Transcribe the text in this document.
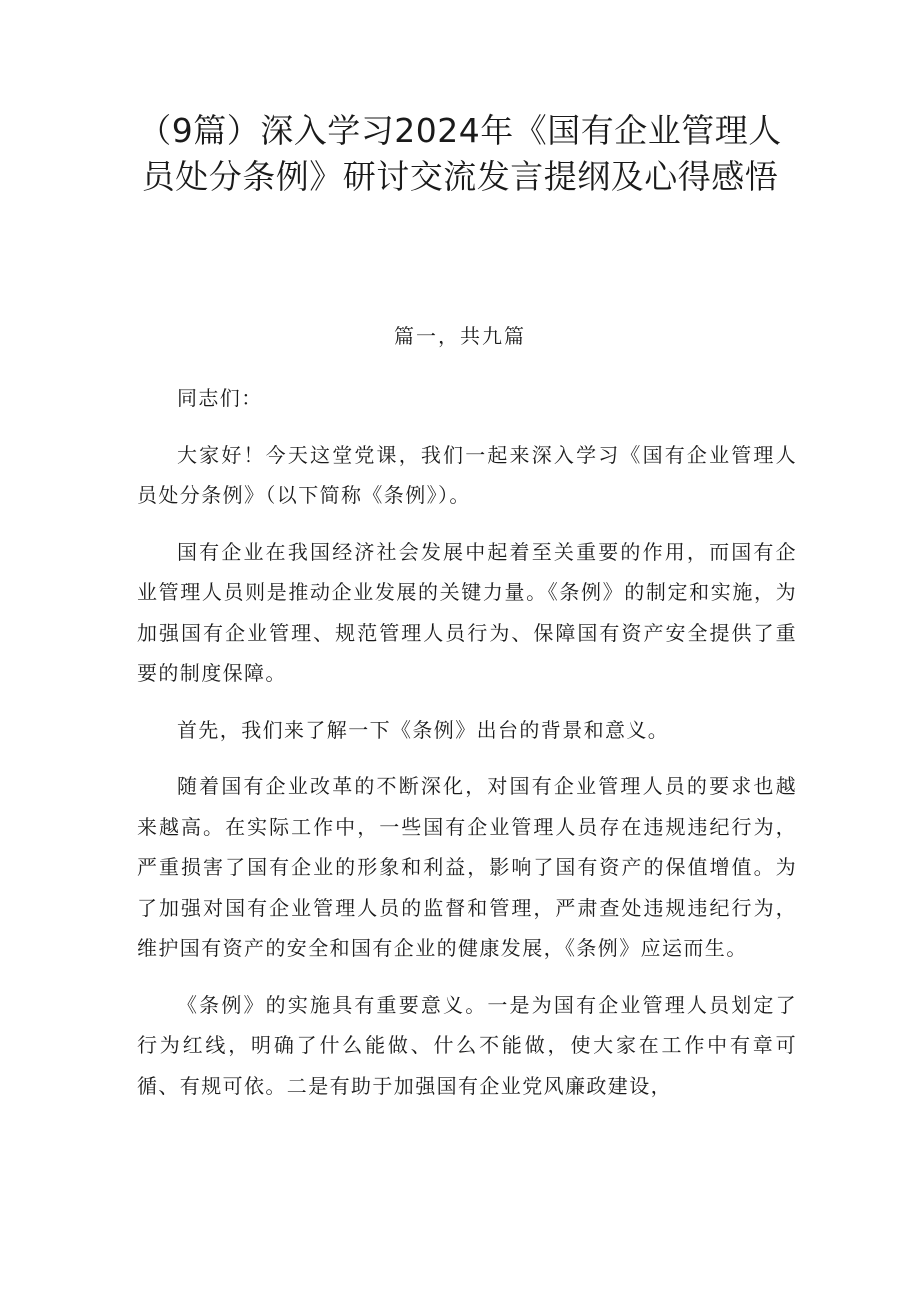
（9篇）深入学习2024年《国有企业管理人员处分条例》研讨交流发言提纲及心得感悟
篇一，共九篇

同志们：

大家好！今天这堂党课，我们一起来深入学习《国有企业管理人员处分条例》（以下简称《条例》）。

国有企业在我国经济社会发展中起着至关重要的作用，而国有企业管理人员则是推动企业发展的关键力量。《条例》的制定和实施，为加强国有企业管理、规范管理人员行为、保障国有资产安全提供了重要的制度保障。

首先，我们来了解一下《条例》出台的背景和意义。

随着国有企业改革的不断深化，对国有企业管理人员的要求也越来越高。在实际工作中，一些国有企业管理人员存在违规违纪行为，严重损害了国有企业的形象和利益，影响了国有资产的保值增值。为了加强对国有企业管理人员的监督和管理，严肃查处违规违纪行为，维护国有资产的安全和国有企业的健康发展，《条例》应运而生。

《条例》的实施具有重要意义。一是为国有企业管理人员划定了行为红线，明确了什么能做、什么不能做，使大家在工作中有章可循、有规可依。二是有助于加强国有企业党风廉政建设，
